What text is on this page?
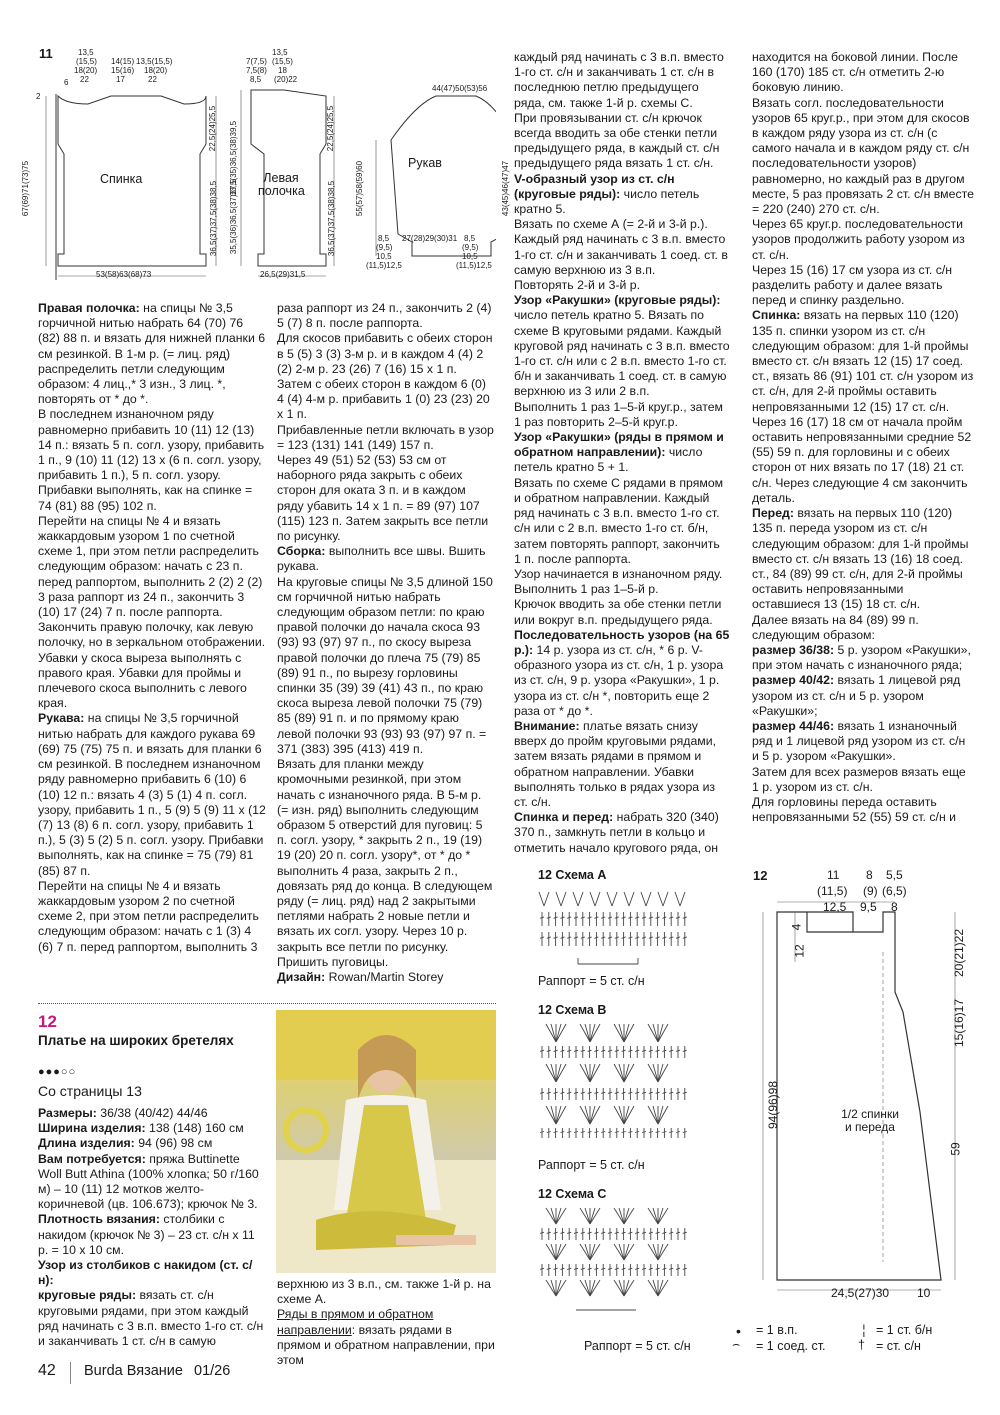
11	13,5
(15,5)
18(20)
22
14(15)
15(16)
17
13,5(15,5)
18(20)
22
2
6
Спинка
67(69)71(73)75
22,5(24)25,5
36,5(37)37,5(38)38,5
53(58)63(68)73
13,5
7(7,5) (15,5)
7,5(8) 18
8,5 (20)22
Левая полочка
33,5(35)36,5(38)39,5
35,5(36)36,5(37)37,5
22,5(24)25,5
36,5(37)37,5(38)38,5
26,5(29)31,5
44(47)50(53)56
Рукав
55(57)58(59)60	43(45)46(47)47
27(28)29(30)31
8,5
(9,5)
10,5
(11,5)12,5
8,5
(9,5)
10,5
(11,5)12,5

Правая полочка: на спицы № 3,5 горчичной нитью набрать 64 (70) 76 (82) 88 п. и вязать для нижней планки 6 см резинкой. В 1-м р. (= лиц. ряд) распределить петли следующим образом: 4 лиц.,* 3 изн., 3 лиц. *, повторять от * до *.

В последнем изнаночном ряду равномерно прибавить 10 (11) 12 (13) 14 п.: вязать 5 п. согл. узору, прибавить 1 п., 9 (10) 11 (12) 13 х (6 п. согл. узору, прибавить 1 п.), 5 п. согл. узору. Прибавки выполнять, как на спинке = 74 (81) 88 (95) 102 п.

Перейти на спицы № 4 и вязать жаккардовым узором 1 по счетной схеме 1, при этом петли распределить следующим образом: начать с 23 п. перед раппортом, выполнить 2 (2) 2 (2) 3 раза раппорт из 24 п., закончить 3 (10) 17 (24) 7 п. после раппорта.

Закончить правую полочку, как левую полочку, но в зеркальном отображении. Убавки у скоса выреза выполнять с правого края. Убавки для проймы и плечевого скоса выполнить с левого края.

Рукава: на спицы № 3,5 горчичной нитью набрать для каждого рукава 69 (69) 75 (75) 75 п. и вязать для планки 6 см резинкой. В последнем изнаночном ряду равномерно прибавить 6 (10) 6 (10) 12 п.: вязать 4 (3) 5 (1) 4 п. согл. узору, прибавить 1 п., 5 (9) 5 (9) 11 х (12 (7) 13 (8) 6 п. согл. узору, прибавить 1 п.), 5 (3) 5 (2) 5 п. согл. узору. Прибавки выполнять, как на спинке = 75 (79) 81 (85) 87 п.

Перейти на спицы № 4 и вязать жаккардовым узором 2 по счетной схеме 2, при этом петли распределить следующим образом: начать с 1 (3) 4 (6) 7 п. перед раппортом, выполнить 3

раза раппорт из 24 п., закончить 2 (4) 5 (7) 8 п. после раппорта.

Для скосов прибавить с обеих сторон в 5 (5) 3 (3) 3-м р. и в каждом 4 (4) 2 (2) 2-м р. 23 (26) 7 (16) 15 х 1 п. Затем с обеих сторон в каждом 6 (0) 4 (4) 4-м р. прибавить 1 (0) 23 (23) 20 х 1 п.

Прибавленные петли включать в узор = 123 (131) 141 (149) 157 п.

Через 49 (51) 52 (53) 53 см от наборного ряда закрыть с обеих сторон для оката 3 п. и в каждом ряду убавить 14 х 1 п. = 89 (97) 107 (115) 123 п. Затем закрыть все петли по рисунку.

Сборка: выполнить все швы. Вшить рукава.

На круговые спицы № 3,5 длиной 150 см горчичной нитью набрать следующим образом петли: по краю правой полочки до начала скоса 93 (93) 93 (97) 97 п., по скосу выреза правой полочки до плеча 75 (79) 85 (89) 91 п., по вырезу горловины спинки 35 (39) 39 (41) 43 п., по краю скоса выреза левой полочки 75 (79) 85 (89) 91 п. и по прямому краю левой полочки 93 (93) 93 (97) 97 п. = 371 (383) 395 (413) 419 п.

Вязать для планки между кромочными резинкой, при этом начать с изнаночного ряда. В 5-м р. (= изн. ряд) выполнить следующим образом 5 отверстий для пуговиц: 5 п. согл. узору, * закрыть 2 п., 19 (19) 19 (20) 20 п. согл. узору*, от * до * выполнить 4 раза, закрыть 2 п., довязать ряд до конца. В следующем ряду (= лиц. ряд) над 2 закрытыми петлями набрать 2 новые петли и вязать их согл. узору. Через 10 р. закрыть все петли по рисунку.

Пришить пуговицы.

Дизайн: Rowan/Martin Storey

каждый ряд начинать с 3 в.п. вместо 1-го ст. с/н и заканчивать 1 ст. с/н в последнюю петлю предыдущего ряда, см. также 1-й р. схемы С.

При провязывании ст. с/н крючок всегда вводить за обе стенки петли предыдущего ряда, в каждый ст. с/н предыдущего ряда вязать 1 ст. с/н.

V-образный узор из ст. с/н (круговые ряды): число петель кратно 5.

Вязать по схеме А (= 2-й и 3-й р.).

Каждый ряд начинать с 3 в.п. вместо 1-го ст. с/н и заканчивать 1 соед. ст. в самую верхнюю из 3 в.п.

Повторять 2-й и 3-й р.

Узор «Ракушки» (круговые ряды): число петель кратно 5. Вязать по схеме В круговыми рядами. Каждый круговой ряд начинать с 3 в.п. вместо 1-го ст. с/н или с 2 в.п. вместо 1-го ст. б/н и заканчивать 1 соед. ст. в самую верхнюю из 3 или 2 в.п.

Выполнить 1 раз 1–5-й круг.р., затем 1 раз повторить 2–5-й круг.р.

Узор «Ракушки» (ряды в прямом и обратном направлении): число петель кратно 5 + 1.

Вязать по схеме С рядами в прямом и обратном направлении. Каждый ряд начинать с 3 в.п. вместо 1-го ст. с/н или с 2 в.п. вместо 1-го ст. б/н, затем повторять раппорт, закончить 1 п. после раппорта.

Узор начинается в изнаночном ряду. Выполнить 1 раз 1–5-й р.

Крючок вводить за обе стенки петли или вокруг в.п. предыдущего ряда.

Последовательность узоров (на 65 р.): 14 р. узора из ст. с/н, * 6 р. V-образного узора из ст. с/н, 1 р. узора из ст. с/н, 9 р. узора «Ракушки», 1 р. узора из ст. с/н *, повторить еще 2 раза от * до *.

Внимание: платье вязать снизу вверх до пройм круговыми рядами, затем вязать рядами в прямом и обратном направлении. Убавки выполнять только в рядах узора из ст. с/н.

Спинка и перед: набрать 320 (340) 370 п., замкнуть петли в кольцо и отметить начало кругового ряда, он

находится на боковой линии. После 160 (170) 185 ст. с/н отметить 2-ю боковую линию.

Вязать согл. последовательности узоров 65 круг.р., при этом для скосов в каждом ряду узора из ст. с/н (с самого начала и в каждом ряду ст. с/н последовательности узоров) равномерно, но каждый раз в другом месте, 5 раз провязать 2 ст. с/н вместе = 220 (240) 270 ст. с/н.

Через 65 круг.р. последовательности узоров продолжить работу узором из ст. с/н.

Через 15 (16) 17 см узора из ст. с/н разделить работу и далее вязать перед и спинку раздельно.

Спинка: вязать на первых 110 (120) 135 п. спинки узором из ст. с/н следующим образом: для 1-й проймы вместо ст. с/н вязать 12 (15) 17 соед. ст., вязать 86 (91) 101 ст. с/н узором из ст. с/н, для 2-й проймы оставить непровязанными 12 (15) 17 ст. с/н.

Через 16 (17) 18 см от начала пройм оставить непровязанными средние 52 (55) 59 п. для горловины и с обеих сторон от них вязать по 17 (18) 21 ст. с/н. Через следующие 4 см закончить деталь.

Перед: вязать на первых 110 (120) 135 п. переда узором из ст. с/н следующим образом: для 1-й проймы вместо ст. с/н вязать 13 (16) 18 соед. ст., 84 (89) 99 ст. с/н, для 2-й проймы оставить непровязанными оставшиеся 13 (15) 18 ст. с/н.

Далее вязать на 84 (89) 99 п. следующим образом:

размер 36/38: 5 р. узором «Ракушки», при этом начать с изнаночного ряда;

размер 40/42: вязать 1 лицевой ряд узором из ст. с/н и 5 р. узором «Ракушки»;

размер 44/46: вязать 1 изнаночный ряд и 1 лицевой ряд узором из ст. с/н и 5 р. узором «Ракушки».

Затем для всех размеров вязать еще 1 р. узором из ст. с/н.

Для горловины переда оставить непровязанными 52 (55) 59 ст. с/н и

12
Платье на широких бретелях
●●●○○
Со страницы 13

Размеры: 36/38 (40/42) 44/46

Ширина изделия: 138 (148) 160 см

Длина изделия: 94 (96) 98 см

Вам потребуется: пряжа Buttinette Woll Butt Athina (100% хлопка; 50 г/160 м) – 10 (11) 12 мотков желто-коричневой (цв. 106.673); крючок № 3.

Плотность вязания: столбики с накидом (крючок № 3) – 23 ст. с/н х 11 р. = 10 х 10 см.

Узор из столбиков с накидом (ст. с/н):

круговые ряды: вязать ст. с/н круговыми рядами, при этом каждый ряд начинать с 3 в.п. вместо 1-го ст. с/н и заканчивать 1 ст. с/н в самую

верхнюю из 3 в.п., см. также 1-й р. на схеме А.

Ряды в прямом и обратном направлении: вязать рядами в прямом и обратном направлении, при этом

12 Схема А
Раппорт = 5 ст. с/н
12 Схема В
Раппорт = 5 ст. с/н
12 Схема С
Раппорт = 5 ст. с/н
12	11
(11,5)
8
(9)
5,5
(6,5)
12,5 9,5 8
20(21)22
15(16)17
59
12
4
94(96)98	1/2 спинки
и переда
24,5(27)30 10
• = 1 в.п.
⌢ = 1 соед. ст.
╎ = 1 ст. б/н
† = ст. с/н
42 Burda Вязание 01/26
